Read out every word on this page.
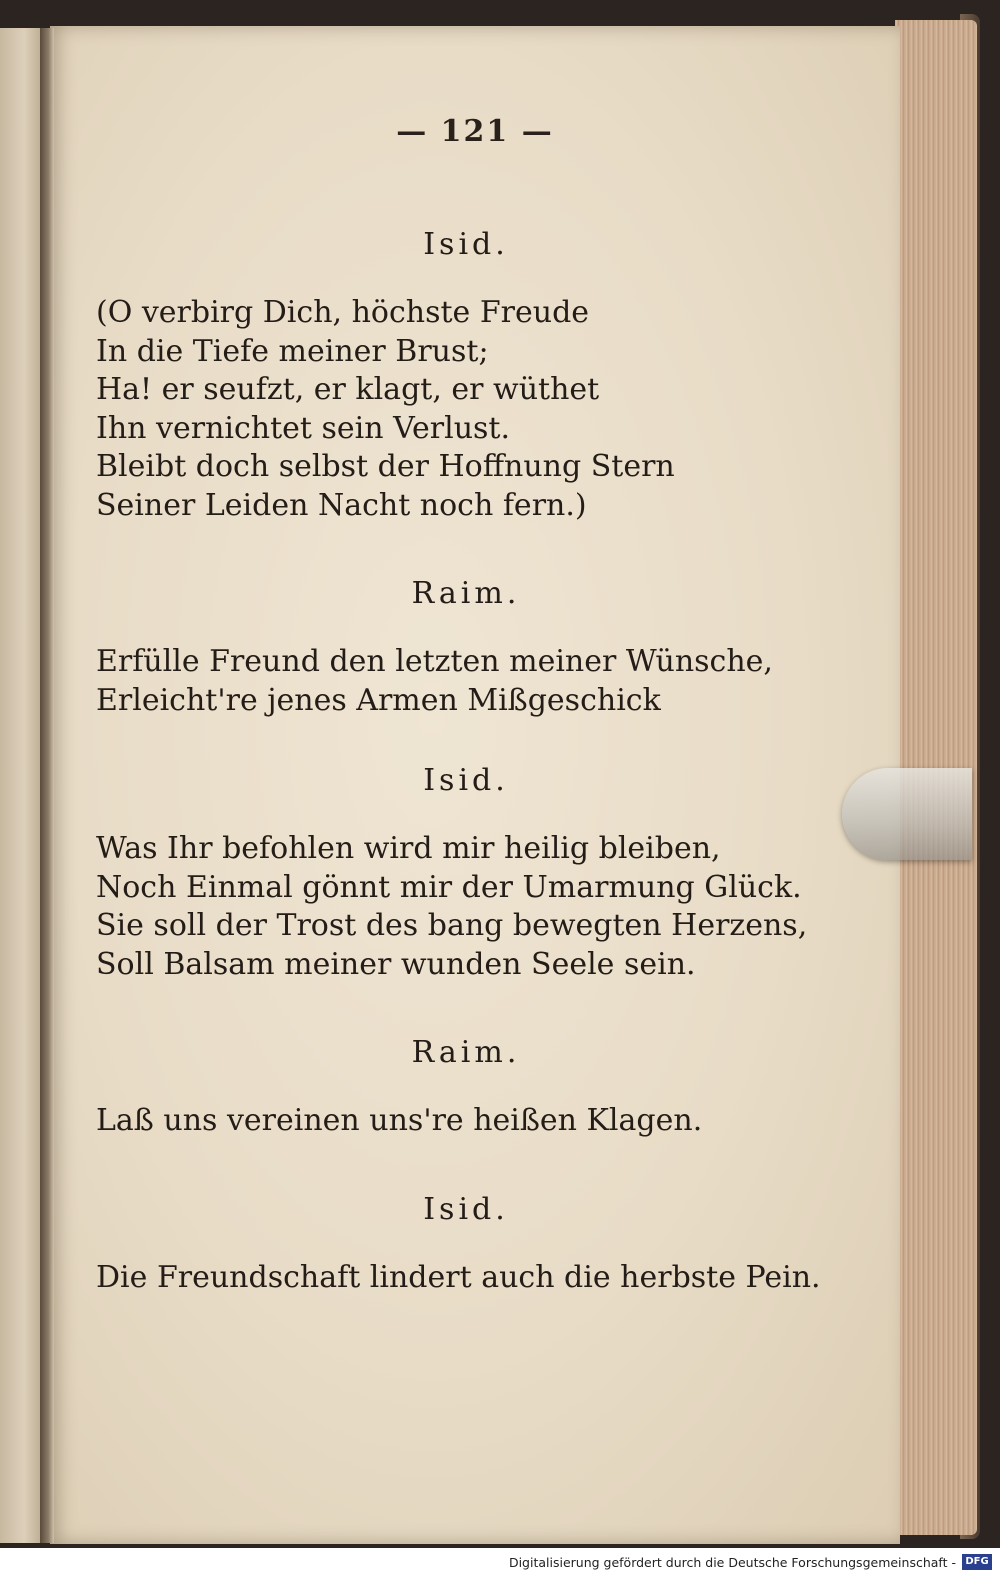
— 121 —
Isid.

(O verbirg Dich, höchste Freude

In die Tiefe meiner Brust;

Ha! er seufzt, er klagt, er wüthet

Ihn vernichtet sein Verlust.

Bleibt doch selbst der Hoffnung Stern

Seiner Leiden Nacht noch fern.)

Raim.

Erfülle Freund den letzten meiner Wünsche,

Erleicht're jenes Armen Mißgeschick

Isid.

Was Ihr befohlen wird mir heilig bleiben,

Noch Einmal gönnt mir der Umarmung Glück.

Sie soll der Trost des bang bewegten Herzens,

Soll Balsam meiner wunden Seele sein.

Raim.

Laß uns vereinen uns're heißen Klagen.

Isid.

Die Freundschaft lindert auch die herbste Pein.

Digitalisierung gefördert durch die Deutsche Forschungsgemeinschaft - DFG
